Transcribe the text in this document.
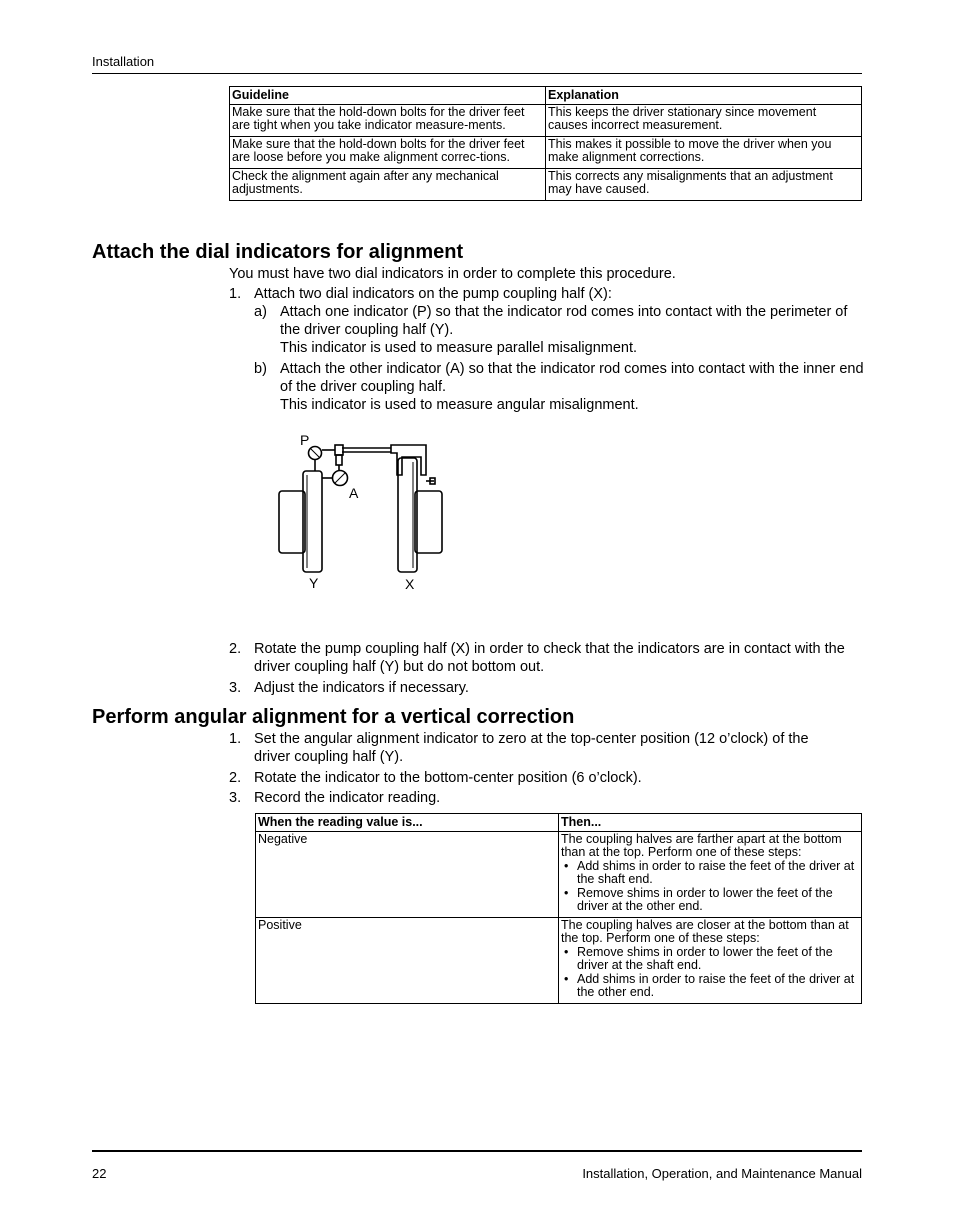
Installation
Guideline	Explanation
Make sure that the hold-down bolts for the driver feet are tight when you take indicator measure-ments.	This keeps the driver stationary since movement causes incorrect measurement.
Make sure that the hold-down bolts for the driver feet are loose before you make alignment correc-tions.	This makes it possible to move the driver when you make alignment corrections.
Check the alignment again after any mechanical adjustments.	This corrects any misalignments that an adjustment may have caused.
Attach the dial indicators for alignment
You must have two dial indicators in order to complete this procedure.
1. Attach two dial indicators on the pump coupling half (X):
a) Attach one indicator (P) so that the indicator rod comes into contact with the perimeter of the driver coupling half (Y).
This indicator is used to measure parallel misalignment.
b) Attach the other indicator (A) so that the indicator rod comes into contact with the inner end of the driver coupling half.
This indicator is used to measure angular misalignment.
P
A
Y	X
2. Rotate the pump coupling half (X) in order to check that the indicators are in contact with the driver coupling half (Y) but do not bottom out.
3. Adjust the indicators if necessary.
Perform angular alignment for a vertical correction
1. Set the angular alignment indicator to zero at the top-center position (12 o’clock) of the driver coupling half (Y).
2. Rotate the indicator to the bottom-center position (6 o’clock).
3. Record the indicator reading.
When the reading value is...	Then...
Negative	The coupling halves are farther apart at the bottom than at the top. Perform one of these steps:
• Add shims in order to raise the feet of the driver at the shaft end.
• Remove shims in order to lower the feet of the driver at the other end.

Positive	The coupling halves are closer at the bottom than at the top. Perform one of these steps:
• Remove shims in order to lower the feet of the driver at the shaft end.
• Add shims in order to raise the feet of the driver at the other end.
22	Installation, Operation, and Maintenance Manual
